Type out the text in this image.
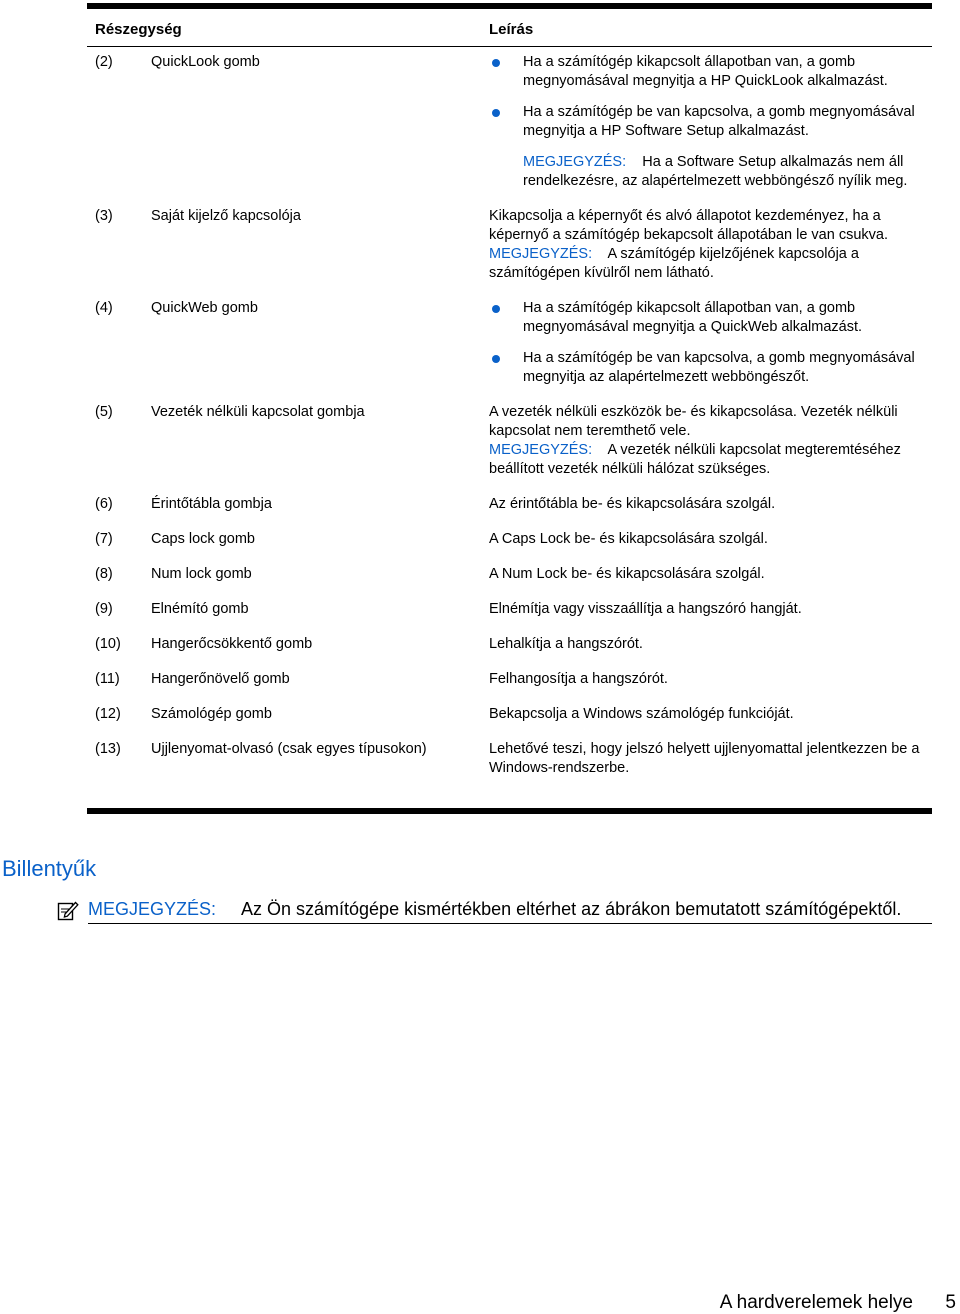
Részegység	Leírás
(2)	QuickLook gomb	Ha a számítógép kikapcsolt állapotban van, a gomb megnyomásával megnyitja a HP QuickLook alkalmazást.
Ha a számítógép be van kapcsolva, a gomb megnyomásával megnyitja a HP Software Setup alkalmazást.

MEGJEGYZÉS: Ha a Software Setup alkalmazás nem áll rendelkezésre, az alapértelmezett webböngésző nyílik meg.

(3)	Saját kijelző kapcsolója	Kikapcsolja a képernyőt és alvó állapotot kezdeményez, ha a képernyő a számítógép bekapcsolt állapotában le van csukva.

MEGJEGYZÉS: A számítógép kijelzőjének kapcsolója a számítógépen kívülről nem látható.

(4)	QuickWeb gomb	Ha a számítógép kikapcsolt állapotban van, a gomb megnyomásával megnyitja a QuickWeb alkalmazást.
Ha a számítógép be van kapcsolva, a gomb megnyomásával megnyitja az alapértelmezett webböngészőt.
(5)	Vezeték nélküli kapcsolat gombja	A vezeték nélküli eszközök be- és kikapcsolása. Vezeték nélküli kapcsolat nem teremthető vele.

MEGJEGYZÉS: A vezeték nélküli kapcsolat megteremtéséhez beállított vezeték nélküli hálózat szükséges.

(6)	Érintőtábla gombja	Az érintőtábla be- és kikapcsolására szolgál.

(7)	Caps lock gomb	A Caps Lock be- és kikapcsolására szolgál.

(8)	Num lock gomb	A Num Lock be- és kikapcsolására szolgál.

(9)	Elnémító gomb	Elnémítja vagy visszaállítja a hangszóró hangját.

(10) Hangerőcsökkentő gomb	Lehalkítja a hangszórót.

(11) Hangerőnövelő gomb	Felhangosítja a hangszórót.

(12) Számológép gomb	Bekapcsolja a Windows számológép funkcióját.

(13) Ujjlenyomat-olvasó (csak egyes típusokon)	Lehetővé teszi, hogy jelszó helyett ujjlenyomattal jelentkezzen be a Windows-rendszerbe.

Billentyűk
MEGJEGYZÉS: Az Ön számítógépe kismértékben eltérhet az ábrákon bemutatott számítógépektől.
A hardverelemek helye 5
